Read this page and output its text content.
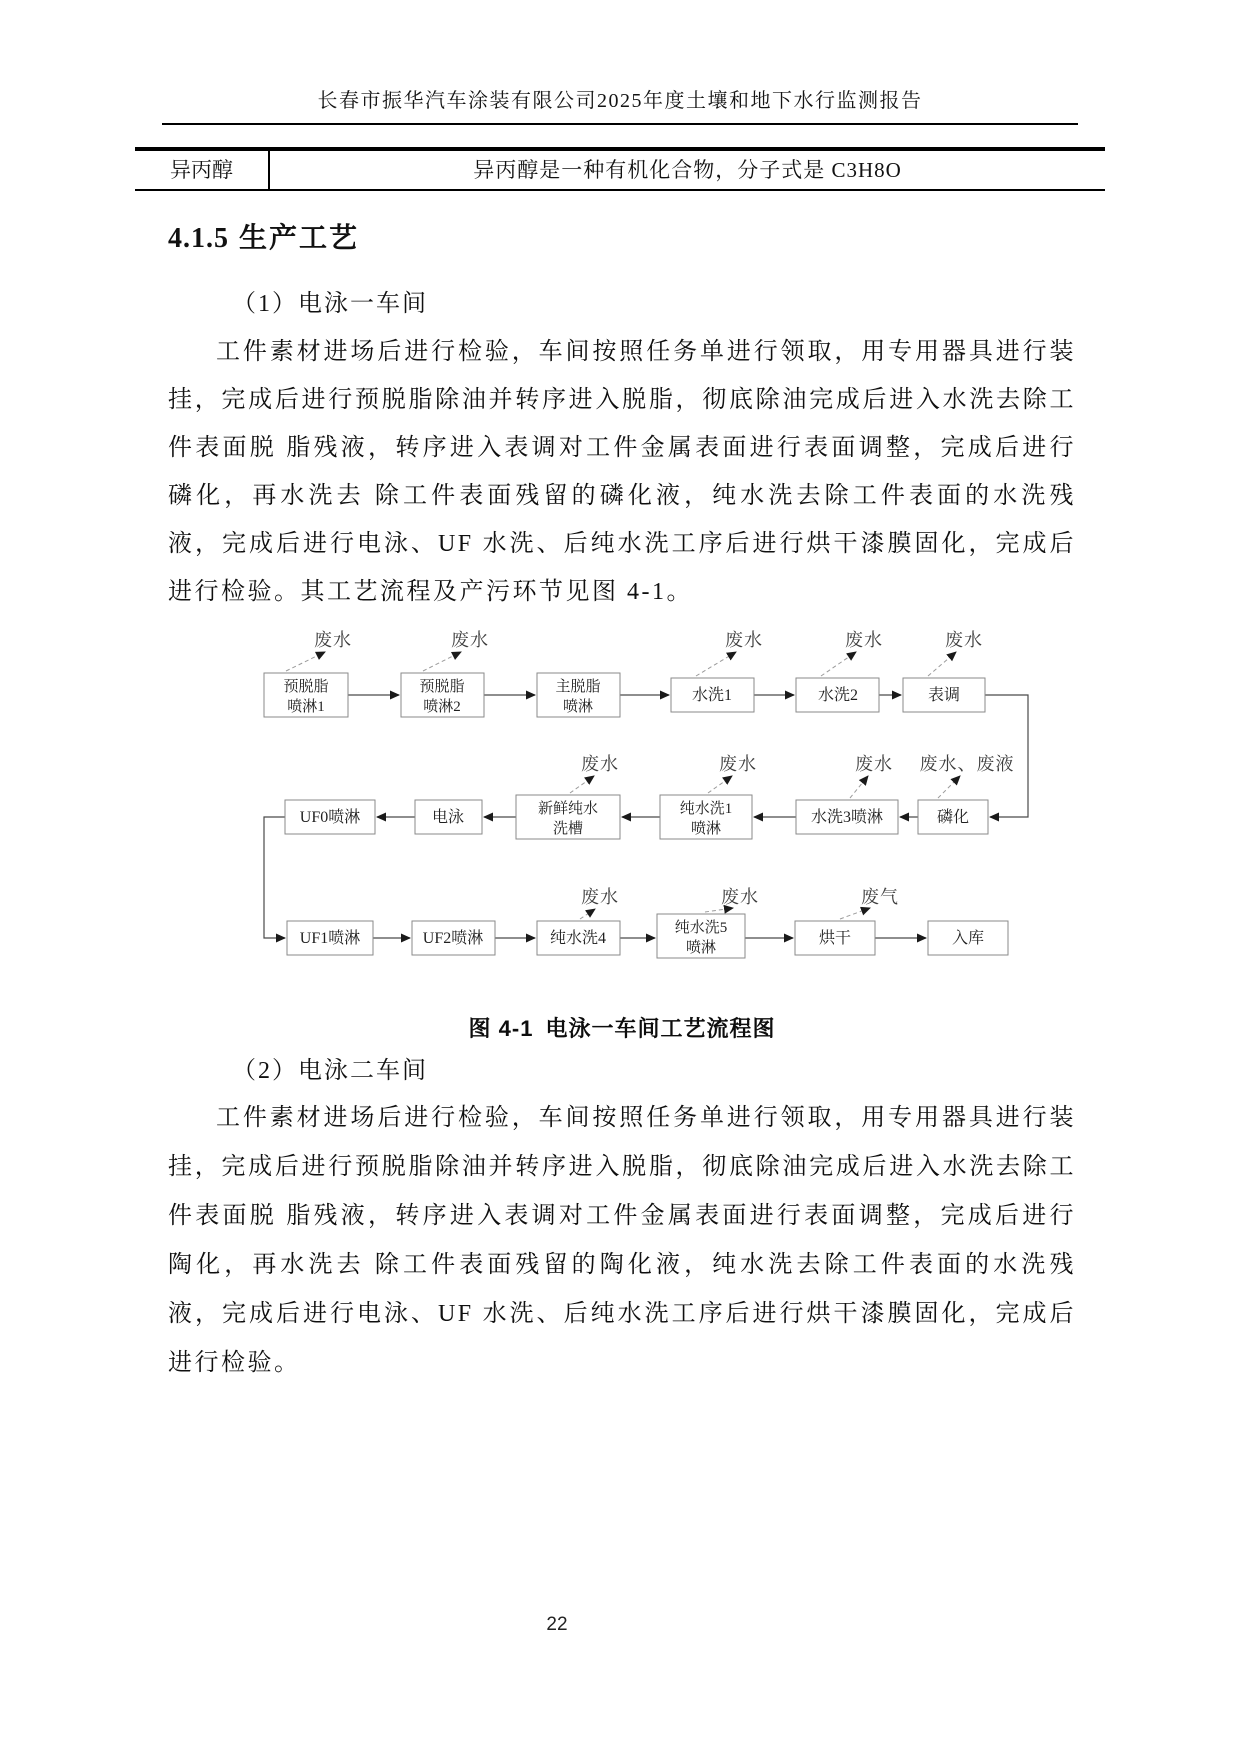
长春市振华汽车涂装有限公司2025年度土壤和地下水行监测报告
异丙醇	异丙醇是一种有机化合物，分子式是 C3H8O
4.1.5 生产工艺
（1）电泳一车间
工件素材进场后进行检验，车间按照任务单进行领取，用专用器具进行装挂，完成后进行预脱脂除油并转序进入脱脂，彻底除油完成后进入水洗去除工件表面脱 脂残液，转序进入表调对工件金属表面进行表面调整，完成后进行磷化，再水洗去 除工件表面残留的磷化液，纯水洗去除工件表面的水洗残液，完成后进行电泳、UF 水洗、后纯水洗工序后进行烘干漆膜固化，完成后进行检验。其工艺流程及产污环节见图 4-1。
预脱脂
喷淋1
预脱脂
喷淋2
主脱脂
喷淋
水洗1	水洗2	表调
磷化
水洗3喷淋
纯水洗1
喷淋
新鲜纯水
洗槽
电泳
UF0喷淋
UF1喷淋	UF2喷淋	纯水洗4
纯水洗5
喷淋
烘干	入库
废水	废水	废水	废水	废水
废水	废水	废水 废水、废液
废水	废水	废气
图 4-1 电泳一车间工艺流程图
（2）电泳二车间
工件素材进场后进行检验，车间按照任务单进行领取，用专用器具进行装挂，完成后进行预脱脂除油并转序进入脱脂，彻底除油完成后进入水洗去除工件表面脱 脂残液，转序进入表调对工件金属表面进行表面调整，完成后进行陶化，再水洗去 除工件表面残留的陶化液，纯水洗去除工件表面的水洗残液，完成后进行电泳、UF 水洗、后纯水洗工序后进行烘干漆膜固化，完成后进行检验。
22
